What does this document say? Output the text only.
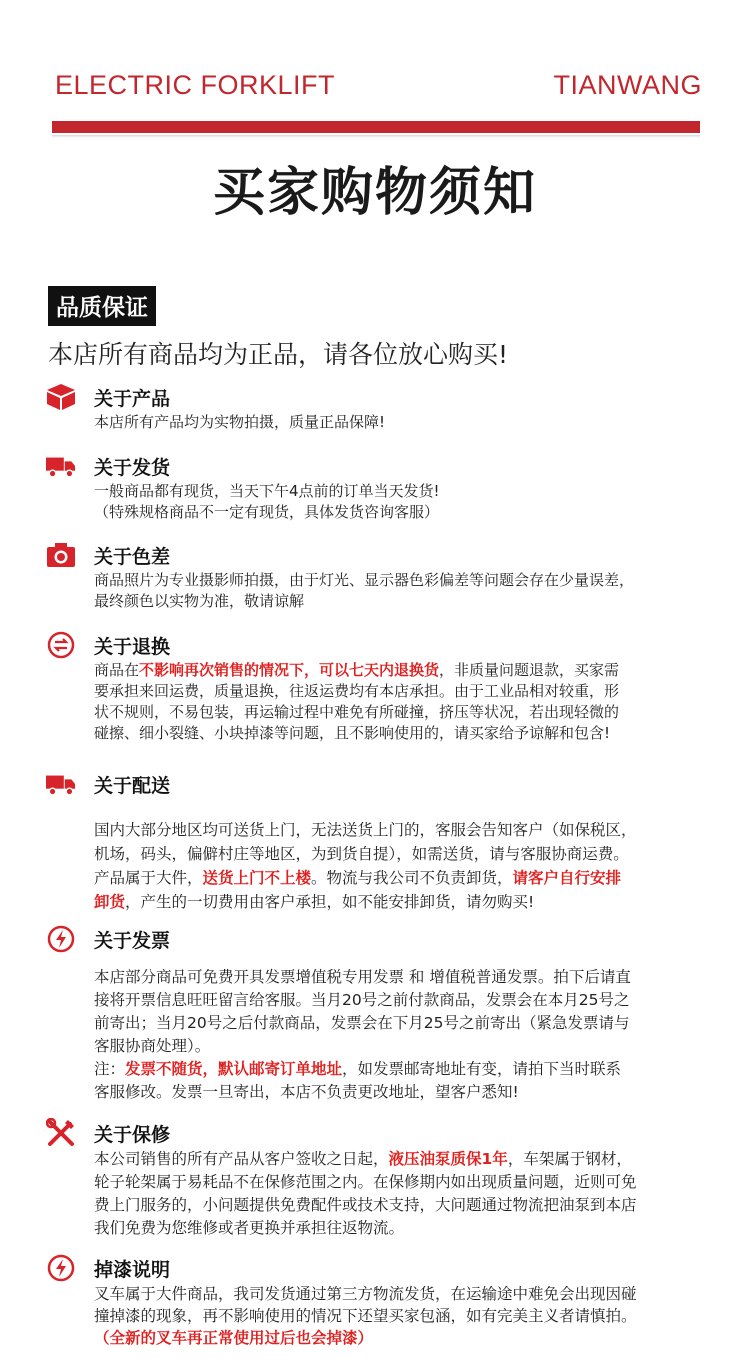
ELECTRIC FORKLIFT	TIANWANG
买家购物须知
品质保证
本店所有商品均为正品，请各位放心购买!
关于产品
本店所有产品均为实物拍摄，质量正品保障!
关于发货
一般商品都有现货，当天下午4点前的订单当天发货!
（特殊规格商品不一定有现货，具体发货咨询客服）
关于色差
商品照片为专业摄影师拍摄，由于灯光、显示器色彩偏差等问题会存在少量误差，
最终颜色以实物为准，敬请谅解
关于退换
商品在不影响再次销售的情况下，可以七天内退换货，非质量问题退款，买家需
要承担来回运费，质量退换，往返运费均有本店承担。由于工业品相对较重，形
状不规则，不易包装，再运输过程中难免有所碰撞，挤压等状况，若出现轻微的
碰擦、细小裂缝、小块掉漆等问题，且不影响使用的，请买家给予谅解和包含!
关于配送
国内大部分地区均可送货上门，无法送货上门的，客服会告知客户（如保税区，
机场，码头，偏僻村庄等地区，为到货自提），如需送货，请与客服协商运费。
产品属于大件，送货上门不上楼。物流与我公司不负责卸货，请客户自行安排
卸货，产生的一切费用由客户承担，如不能安排卸货，请勿购买!
关于发票
本店部分商品可免费开具发票增值税专用发票 和 增值税普通发票。拍下后请直
接将开票信息旺旺留言给客服。当月20号之前付款商品，发票会在本月25号之
前寄出；当月20号之后付款商品，发票会在下月25号之前寄出（紧急发票请与
客服协商处理）。
注：发票不随货，默认邮寄订单地址，如发票邮寄地址有变，请拍下当时联系
客服修改。发票一旦寄出，本店不负责更改地址，望客户悉知!
关于保修
本公司销售的所有产品从客户签收之日起，液压油泵质保1年，车架属于钢材，
轮子轮架属于易耗品不在保修范围之内。在保修期内如出现质量问题，近则可免
费上门服务的，小问题提供免费配件或技术支持，大问题通过物流把油泵到本店
我们免费为您维修或者更换并承担往返物流。
掉漆说明
叉车属于大件商品，我司发货通过第三方物流发货，在运输途中难免会出现因碰
撞掉漆的现象，再不影响使用的情况下还望买家包涵，如有完美主义者请慎拍。
（全新的叉车再正常使用过后也会掉漆）
